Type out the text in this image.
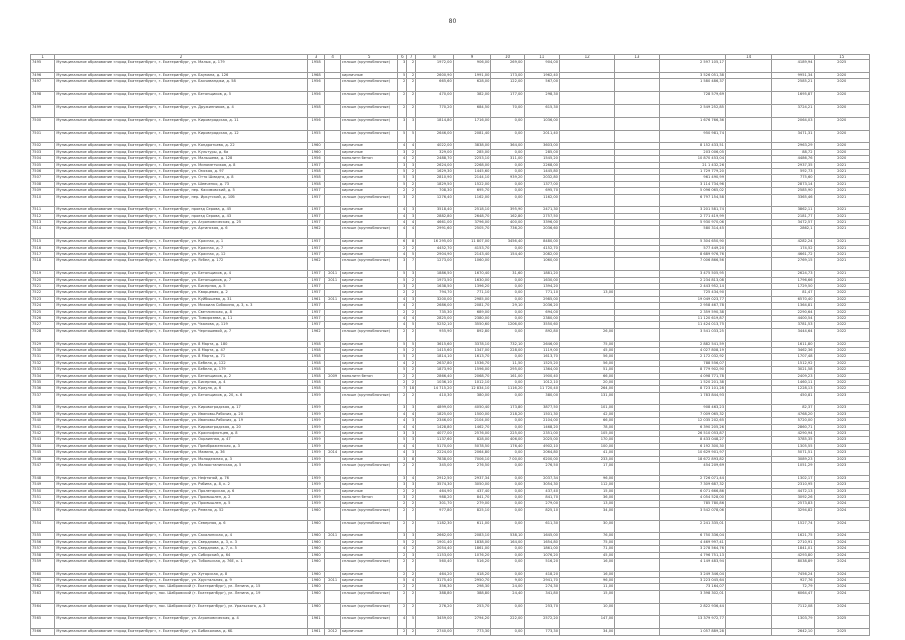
80
1	2	3	4	5	6	7	8	9	10	11	12	13		14		15
7495	Муниципальное образование «город Екатеринбург», г. Екатеринбург, ул. Малых, д. 179	1958		сплошн (крупноблочные)	3	2	1972,00	906,00	269,00	904,00			2 597 105,17		4189,94	2025
7496	Муниципальное образование «город Екатеринбург», г. Екатеринбург, ул. Баумана, д. 126	1968		кирпичные	5	2	2600,90	1991,00	173,00	1962,40			3 526 051,38		9951,34	2020
7497	Муниципальное образование «город Екатеринбург», г. Екатеринбург, ул. Бахчиванджи, д. 58	1956		сплошн (крупноблочные)	2	2	665,60	628,00	122,00	567,00			1 580 486,37		2585,21	2020
7498	Муниципальное образование «город Екатеринбург», г. Екатеринбург, ул. Бетонщиков, д. 5	1956		сплошн (крупноблочные)	2	2	470,00	382,00	177,00	298,30			728 579,69		1695,87	2020
7499	Муниципальное образование «город Екатеринбург», г. Екатеринбург, ул. Дружинников, д. 4	1958		сплошн (крупноблочные)	2	2	770,20	684,50	70,00	615,30			2 549 252,85		3724,21	2020
7500	Муниципальное образование «город Екатеринбург», г. Екатеринбург, ул. Кировградская, д. 11	1956		сплошн (крупноблочные)	3	3	1814,80	1716,00	0,00	1036,00			1 676 766,36		2064,03	2020
7501	Муниципальное образование «город Екатеринбург», г. Екатеринбург, ул. Кировградская, д. 12	1955		сплошн (крупноблочные)	5	5	2646,00	2081,40	0,00	2011,40			950 981,74		3471,31	2020
7502	Муниципальное образование «город Екатеринбург», г. Екатеринбург, ул. Кондратьева, д. 22	1960		кирпичные	4	4	4022,00	3838,00	364,00	3603,00			8 152 433,51		2963,29	2020
7503	Муниципальное образование «город Екатеринбург», г. Екатеринбург, ул. Культуры, д. 6а	1960		кирпичные	3	2	329,00	285,00	0,00	285,00			203 006,05		88,72	2020
7504	Муниципальное образование «город Екатеринбург», г. Екатеринбург, ул. Малышева, д. 128	1956		монолитн бетон	4	2	2488,70	2253,10	311,00	1545,20			10 870 453,04		4486,76	2020
7505	Муниципальное образование «город Екатеринбург», г. Екатеринбург, ул. Минометчиков, д. 8	1957		кирпичные	3	3	2624,00	2268,00	0,00	2268,00			21 1 432,26		2937,35	2021
7506	Муниципальное образование «город Екатеринбург», г. Екатеринбург, ул. Омская, д. 97	1958		кирпичные	5	2	1629,30	1445,60	0,00	1445,80			1 729 779,20		592,73	2021
7507	Муниципальное образование «город Екатеринбург», г. Екатеринбург, ул. Отто Шмидта, д. 8	1958		кирпичные	5	3	2810,90	2144,10	939,20	2032,80			961 490,99		775,60	2021
7508	Муниципальное образование «город Екатеринбург», г. Екатеринбург, ул. Шевченко, д. 73	1958		кирпичные	5	2	1829,50	1522,00	0,00	1377,00			3 114 734,96		2873,14	2021
7509	Муниципальное образование «город Екатеринбург», г. Екатеринбург, пер. Касимовский, д. 5	1957		кирпичные	2	2	708,30	695,70	0,00	695,70			5 096 065,02		2585,90	2021
7510	Муниципальное образование «город Екатеринбург», г. Екатеринбург, пер. Иркутский, д. 10б	1957		сплошн (крупноблочные)	3	2	1276,40	1162,00	0,00	1162,00			6 797 154,58		3365,46	2021
7511	Муниципальное образование «город Екатеринбург», г. Екатеринбург, проезд Серова, д. 45	1957		кирпичные	4	3	3518,40	2518,10	395,90	2471,30			3 201 581,74		3862,11	2021
7512	Муниципальное образование «город Екатеринбург», г. Екатеринбург, проезд Серова, д. 43	1957		кирпичные	4	3	2882,80	2648,70	162,80	2757,50			2 771 419,99		2181,77	2021
7513	Муниципальное образование «город Екатеринбург», г. Екатеринбург, ул. Агрономическая, д. 25	1957		кирпичные	4	4	4661,00	3796,00	400,00	3396,00			5 930 970,06		3472,57	2021
7514	Муниципальное образование «город Екатеринбург», г. Екатеринбург, ул. Артинская, д. 6	1962		сплошн (крупноблочные)	4	4	2991,60	2505,70	736,20	2036,60			580 314,45		2862,1	2021
7515	Муниципальное образование «город Екатеринбург», г. Екатеринбург, ул. Краснах, д. 1	1957		кирпичные	6	8	16 295,00	11 807,00	3456,40	8480,00			5 304 650,90		4282,24	2021
7516	Муниципальное образование «город Екатеринбург», г. Екатеринбург, ул. Краснах, д. 7	1957		кирпичные	2	2	4452,70	4153,70	0,00	4152,70			577 449,20		174,52	2021
7517	Муниципальное образование «город Екатеринбург», г. Екатеринбург, ул. Краснах, д. 12	1957		кирпичные	4	5	2904,90	2143,40	154,40	2082,00			8 689 976,76		4661,72	2021
7518	Муниципальное образование «город Екатеринбург», г. Екатеринбург, ул. Ясбел, д. 172	1962		сплошн (крупноблочные)	3	7	1273,00	1060,00		1060,00			7 006 866,56		2769,15	2021
7519	Муниципальное образование «город Екатеринбург», г. Екатеринбург, ул. Бетонщиков, д. 4	1957	2011	кирпичные	5	3	1886,50	1670,40	31,60	1881,20			3 475 505,95		2624,73	2021
7520	Муниципальное образование «город Екатеринбург», г. Екатеринбург, ул. Бетонщиков, д. 7	1957	2011	кирпичные	5	2	1973,50	1630,00	0,00	1630,00			2 234 813,08		1796,66	2021
7521	Муниципальное образование «город Екатеринбург», г. Екатеринбург, ул. Бисерная, д. 5	1957		кирпичные	3	2	1638,50	1396,20	0,00	1394,20			2 443 952,14		1729,50	2022
7522	Муниципальное образование «город Екатеринбург», г. Екатеринбург, ул. Кварцевая, д. 2	1957		кирпичные	2	2	794,70	771,10	0,00	771,10	13,00		725 434,90		81,47	2022
7523	Муниципальное образование «город Екатеринбург», г. Екатеринбург, ул. Куйбышева, д. 31	1961	2011	кирпичные	4	3	3200,00	2985,00	0,00	2985,00			19 049 023,77		6570,40	2022
7524	Муниципальное образование «город Екатеринбург», г. Екатеринбург, ул. Михаила Собакина, д. 3, к. 3	1957		кирпичные	4	2	2686,00	2081,70	29,10	2036,20			2 958 467,78		1364,81	2022
7525	Муниципальное образование «город Екатеринбург», г. Екатеринбург, ул. Светлинская, д. 8	1957		кирпичные	2	2	735,30	689,00	0,00	694,00			2 359 590,38		2290,64	2022
7526	Муниципальное образование «город Екатеринбург», г. Екатеринбург, ул. Тимирязева, д. 11	1957		кирпичные	4	4	2825,00	2380,00	0,00	2380,00			11 120 619,87		4400,54	2022
7527	Муниципальное образование «город Екатеринбург», г. Екатеринбург, ул. Чкалова, д. 119	1957		кирпичные	4	5	5252,10	3550,60	1206,00	3550,60			11 424 013,75		3781,53	2022
7528	Муниципальное образование «город Екатеринбург», г. Екатеринбург, ул. Черняшевой, д. 7	1962		сплошн (крупноблочные)	2	2	955,90	892,80	0,00	892,80	26,00		3 541 033,25		3444,64	2022
7529	Муниципальное образование «город Екатеринбург», г. Екатеринбург, ул. 8 Марта, д. 180	1958		кирпичные	5	5	3615,60	3378,10	732,10	2646,00	75,00		2 882 541,59		1611,80	2022
7530	Муниципальное образование «город Екатеринбург», г. Екатеринбург, ул. 8 Марта, д. 47	1958		кирпичные	5	2	1415,60	1347,00	228,00	1119,00	45,00		4 027 808,19		3462,36	2022
7531	Муниципальное образование «город Екатеринбург», г. Екатеринбург, ул. 8 Марта, д. 71	1958		кирпичные	5	2	1814,10	1613,70	0,00	1613,70	56,00		2 172 032,92		1707,48	2022
7532	Муниципальное образование «город Екатеринбург», г. Екатеринбург, ул. Бебеля, д. 122	1958		кирпичные	4	2	2637,80	1536,70	11,50	1525,20	56,00		788 556,07		1512,92	2022
7533	Муниципальное образование «город Екатеринбург», г. Екатеринбург, ул. Бебеля, д. 179	1958		кирпичные	5	2	1873,90	1596,00	295,00	1364,00	51,00		8 779 902,90		3021,58	2022
7534	Муниципальное образование «город Екатеринбург», г. Екатеринбург, ул. Бетонщиков, д. 2	1958	2009	монолитн бетон	2	2	2866,40	2068,70	161,00	1900,40	66,00		4 098 771,78		2409,23	2022
7535	Муниципальное образование «город Екатеринбург», г. Екатеринбург, ул. Бисерная, д. 4	1958		кирпичные	2	2	1036,10	1012,10	0,00	1012,10	20,00		1 520 201,38		1460,11	2022
7536	Муниципальное образование «город Екатеринбург», г. Екатеринбург, ул. Крауля, д. 6	1958		кирпичные	7	18	14 715,20	12 834,10	1116,20	11 720,40	264,00		8 723 101,28		1228,13	2022
7537	Муниципальное образование «город Екатеринбург», г. Екатеринбург, ул. Бетонщиков, д. 20, к. 6	1959		сплошн (крупноблочные)	2	2	410,30	380,00	0,00	380,00	131,00		1 783 844,93		450,81	2023
7538	Муниципальное образование «город Екатеринбург», г. Екатеринбург, ул. Кировоградская, д. 17	1959		кирпичные	3	3	4899,00	4050,40	173,80	3877,50	101,00		908 463,23		82,37	2023
7539	Муниципальное образование «город Екатеринбург», г. Екатеринбург, ул. Ивановы-Рабочих, д. 20	1959		кирпичные	4	4	1825,00	1500,00	218,20	1501,30	42,00		7 009 065,32		4768,20	2023
7540	Муниципальное образование «город Екатеринбург», г. Екатеринбург, ул. Ивановы-Рабочих, д. 19	1959		кирпичные	4	3	2346,00	2104,00	0,00	2104,00	66,00		12 035 202,65		5720,00	2023
7541	Муниципальное образование «город Екатеринбург», г. Екатеринбург, ул. Кировоградская, д. 20	1959		кирпичные	4	4	1428,80	1462,70	0,00	1468,20	78,00		6 390 205,26		2860,71	2023
7542	Муниципальное образование «город Екатеринбург», г. Екатеринбург, ул. Краснофлотцев, д. 8	1959		кирпичные	3	3	4077,00	2576,00	225,00	2351,00	105,00		26 510 053,87		4290,94	2023
7543	Муниципальное образование «город Екатеринбург», г. Екатеринбург, ул. Окраинная, д. 47	1959		кирпичные	5	3	1137,60	828,00	406,00	2025,00	170,00		8 433 048,27		3785,35	2023
7544	Муниципальное образование «город Екатеринбург», г. Екатеринбург, ул. Преображенская, д. 3	1959		кирпичные	4	4	5170,00	5078,50	176,40	4902,10	100,00		6 192 300,30		1305,55	2023
7545	Муниципальное образование «город Екатеринбург», г. Екатеринбург, ул. Мамина, д. 36	1959	2014	кирпичные	4	3	2224,00	2064,80	0,00	2064,80	41,00		10 629 901,97		5071,51	2023
7546	Муниципальное образование «город Екатеринбург», г. Екатеринбург, ул. Молодежная, д. 3	1959		кирпичные	3	8	7838,00	7006,10	7 00,00	6200,00	233,00		18 672 893,82		3089,23	2023
7547	Муниципальное образование «город Екатеринбург», г. Екатеринбург, ул. Малоостанинская, д. 5	1959		сплошн (крупноблочные)	2	2	345,00	276,50	0,00	276,50	17,00		454 209,69		1051,29	2023
7548	Муниципальное образование «город Екатеринбург», г. Екатеринбург, ул. Нефтяной, д. 76	1959		кирпичные	3	4	2912,50	2937,34	0,00	2037,34	96,00		2 726 071,44		1302,17	2023
7549	Муниципальное образование «город Екатеринбург», г. Екатеринбург, ул. Рябина, д. 8, к. 2	1959		кирпичные	3	3	3574,30	3050,00	0,00	3054,30	112,00		7 309 687,32		2310,95	2023
7550	Муниципальное образование «город Екатеринбург», г. Екатеринбург, ул. Пролетарская, д. 6	1959		кирпичные	2	2	464,90	437,40	0,00	437,40	15,00		6 071 666,86		4472,13	2023
7551	Муниципальное образование «город Екатеринбург», г. Екатеринбург, ул. Промышлен, д. 2	1959		монолитн бетон	3	2	988,20	841,70	0,00	841,70	36,00		4 054 528,00		3092,26	2023
7552	Муниципальное образование «город Екатеринбург», г. Екатеринбург, ул. Промышлен, д. 5	1959		кирпичные	2	2	301,70	279,00	0,00	279,00	13,00		785 780,86		2573,83	2024
7553	Муниципальное образование «город Екатеринбург», г. Екатеринбург, ул. Ремеля, д. 52	1960		сплошн (крупноблочные)	2	2	977,80	825,10	0,00	825,10	34,00		3 542 078,06		3294,82	2024
7554	Муниципальное образование «город Екатеринбург», г. Екатеринбург, ул. Северная, д. 6	1960		сплошн (крупноблочные)	2	2	1182,30	611,00	0,00	611,30	30,00		2 241 335,01		1527,74	2024
7555	Муниципальное образование «город Екатеринбург», г. Екатеринбург, ул. Сахалинская, д. 4	1960	2011	кирпичные	3	3	2662,00	2083,10	538,10	1645,00	76,00		6 750 336,04		1621,75	2024
7556	Муниципальное образование «город Екатеринбург», г. Екатеринбург, ул. Свердлова, д. 3, к. 3	1960		кирпичные	5	2	1901,40	1838,00	164,00	1654,80	75,00		4 469 997,41		2710,91	2024
7557	Муниципальное образование «город Екатеринбург», г. Екатеринбург, ул. Свердлова, д. 7, к. 5	1960		кирпичные	4	2	2054,40	1861,00	0,00	1861,00	71,00		3 278 564,76		1841,01	2024
7558	Муниципальное образование «город Екатеринбург», г. Екатеринбург, ул. Сибирский, д. 64	1960		кирпичные	2	3	1153,00	1076,20	0,00	1076,20	45,00		4 796 751,13		4293,80	2024
7559	Муниципальное образование «город Екатеринбург», г. Екатеринбург, ул. Тобольская, д. 76Е, к. 1	1960		сплошн (крупноблочные)	2	2	560,40	516,20	0,00	516,20	16,00		4 149 483,94		8038,89	2024
7560	Муниципальное образование «город Екатеринбург», г. Екатеринбург, ул. Хуторская, д. 8	1960		кирпичные	2	2	464,20	418,20	0,00	418,20	16,00		3 249 346,04		7456,24	2024
7561	Муниципальное образование «город Екатеринбург», г. Екатеринбург, ул. Хрустальная, д. 9	1960	2011	кирпичные	5	4	3175,40	2950,70	9,00	2941,70	96,00		3 223 045,64		927,76	2024
7562	Муниципальное образование «город Екатеринбург», пос. Шабровский (г. Екатеринбург), ул. Ленина, д. 15	1960		кирпичные	2	2	356,30	298,30	24,00	274,30	11,00		73 164,07		72,79	2024
7563	Муниципальное образование «город Екатеринбург», пос. Шабровский (г. Екатеринбург), ул. Ленина, д. 19	1960		сплошн (крупноблочные)	2	2	388,80	388,80	24,40	341,80	15,00		3 398 302,01		6064,47	2024
7564	Муниципальное образование «город Екатеринбург», пос. Шабровский (г. Екатеринбург), ул. Уральского, д. 3	1960		сплошн (крупноблочные)	2	2	276,20	253,70	0,00	253,70	10,00		2 822 936,44		7112,08	2024
7565	Муниципальное образование «город Екатеринбург», г. Екатеринбург, ул. Агрономическая, д. 4	1961		сплошн (крупноблочные)	4	5	3459,00	2794,20	222,00	2572,20	147,00		13 379 972,77		1303,79	2025
7566	Муниципальное образование «город Екатеринбург», г. Екатеринбург, ул. Бибиколова, д. 6Б	1961	2012	кирпичные	2	2	2740,00	773,30	0,00	773,30	34,00		1 057 889,28		2642,10	2025
